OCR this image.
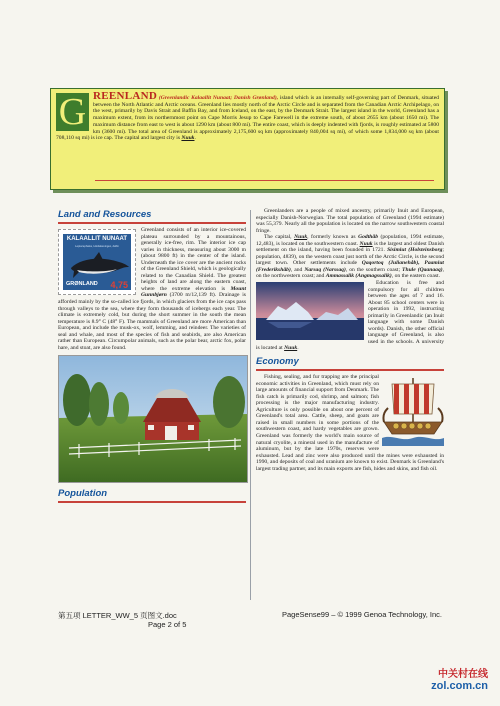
G REENLAND (Greenlandic Kalaallit Nunaat; Danish Grønland), island which is an internally self-governing part of Denmark, situated between the North Atlantic and Arctic oceans. Greenland lies mostly north of the Arctic Circle and is separated from the Canadian Arctic Archipelago, on the west, primarily by Davis Strait and Baffin Bay, and from Iceland, on the east, by the Denmark Strait. The largest island in the world, Greenland has a maximum extent, from its northernmost point on Cape Morris Jesup to Cape Farewell in the extreme south, of about 2655 km (about 1650 mi). The maximum distance from east to west is about 1290 km (about 800 mi). The entire coast, which is deeply indented with fjords, is roughly estimated at 5800 km (3600 mi). The total area of Greenland is approximately 2,175,600 sq km (approximately 840,004 sq mi), of which some 1,834,000 sq km (about 708,110 sq mi) is ice cap. The capital and largest city is Nuuk.
Land and Resources
KALAALLIT NUNAAT
Leptocephalus, Hvidskævingen, delfin
GRØNLAND 4,75

Greenland consists of an interior ice-covered plateau surrounded by a mountainous, generally ice-free, rim. The interior ice cap varies in thickness, measuring about 3000 m (about 9800 ft) in the center of the island. Underneath the ice cover are the ancient rocks of the Greenland Shield, which is geologically related to the Canadian Shield. The greatest heights of land are along the eastern coast, where the extreme elevation is Mount Gunnbjørn (3700 m/12,139 ft). Drainage is afforded mainly by the so-called ice fjords, in which glaciers from the ice caps pass through valleys to the sea, where they form thousands of icebergs each year. The climate is extremely cold, but during the short summer in the south the mean temperature is 8.9° C (48° F). The mammals of Greenland are more American than European, and include the musk-ox, wolf, lemming, and reindeer. The varieties of seal and whale, and most of the species of fish and seabirds, are also American rather than European. Circumpolar animals, such as the polar bear, arctic fox, polar hare, and stoat, are also found.

Population

Greenlanders are a people of mixed ancestry, primarily Inuit and European, especially Danish-Norwegian. The total population of Greenland (1994 estimate) was 55,379. Nearly all the population is located on the narrow southwestern coastal fringe.

The capital, Nuuk, formerly known as Godthåb (population, 1994 estimate, 12,483), is located on the southwestern coast. Nuuk is the largest and oldest Danish settlement on the island, having been founded in 1721. Sisimiut (Holsteinsborg; population, 4839), on the western coast just north of the Arctic Circle, is the second largest town. Other settlements include Qaqortoq (Julianehåb), Paamiut (Frederikshåb), and Narsaq (Narssaq), on the southern coast; Thule (Qaanaaq), on the northwestern coast; and Ammassalik (Angmagssalik), on the eastern coast.

Education is free and compulsory for all children between the ages of 7 and 16. About 85 school centers were in operation in 1992, instructing primarily in Greenlandic (an Inuit language with some Danish words). Danish, the other official language of Greenland, is also used in the schools. A university is located at Nuuk.

Economy

Fishing, sealing, and fur trapping are the principal economic activities in Greenland, which must rely on large amounts of financial support from Denmark. The fish catch is primarily cod, shrimp, and salmon; fish processing is the major manufacturing industry. Agriculture is only possible on about one percent of Greenland's total area. Cattle, sheep, and goats are raised in small numbers in some portions of the southwestern coast, and hardy vegetables are grown. Greenland was formerly the world's main source of natural cryolite, a mineral used in the manufacture of aluminum, but by the late 1970s, reserves were exhausted. Lead and zinc were also produced until the mines were exhausted in 1990, and deposits of coal and uranium are known to exist. Denmark is Greenland's largest trading partner, and its main exports are fish, hides and skins, and fish oil.

第五项 LETTER_WW_5 页图文.doc
Page 2 of 5
PageSense99 – © 1999 Genoa Technology, Inc.
中关村在线
zol.com.cn
